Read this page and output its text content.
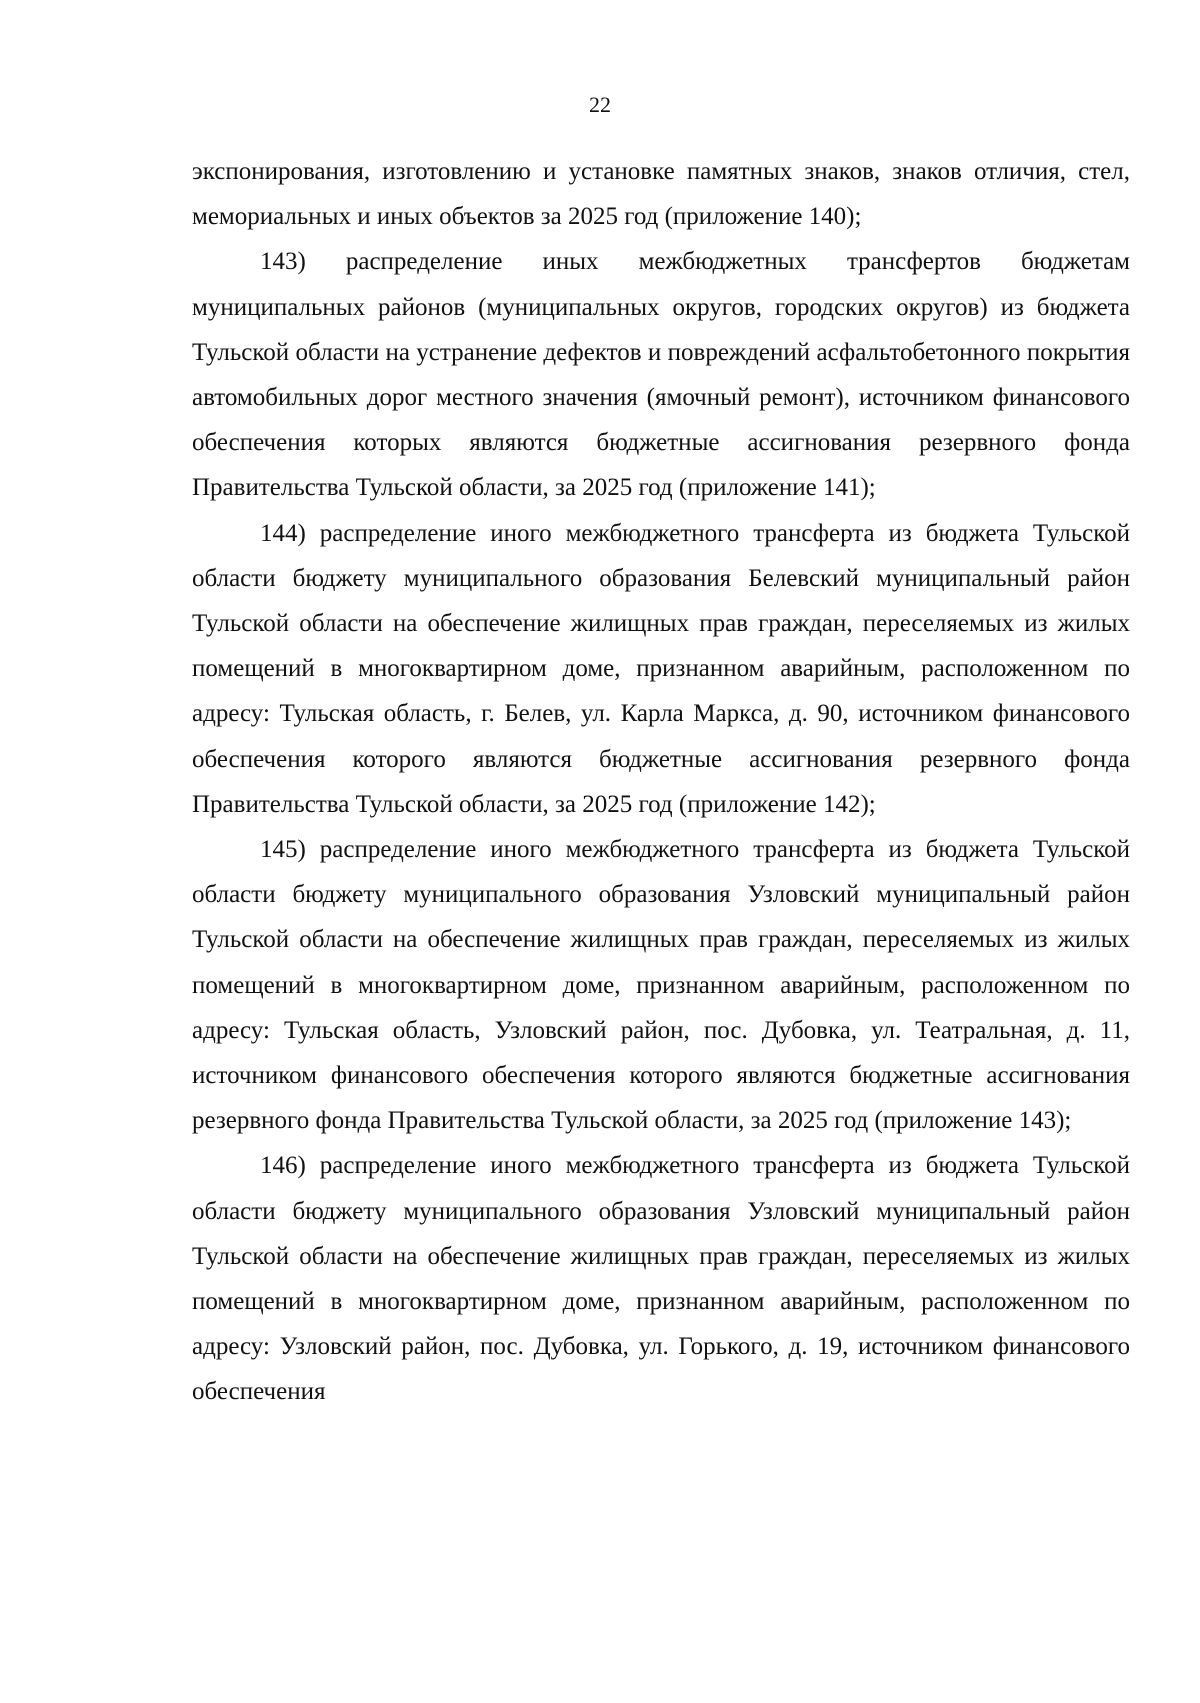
22

экспонирования, изготовлению и установке памятных знаков, знаков отличия, стел, мемориальных и иных объектов за 2025 год (приложение 140);

143) распределение иных межбюджетных трансфертов бюджетам муниципальных районов (муниципальных округов, городских округов) из бюджета Тульской области на устранение дефектов и повреждений асфальтобетонного покрытия автомобильных дорог местного значения (ямочный ремонт), источником финансового обеспечения которых являются бюджетные ассигнования резервного фонда Правительства Тульской области, за 2025 год (приложение 141);

144) распределение иного межбюджетного трансферта из бюджета Тульской области бюджету муниципального образования Белевский муниципальный район Тульской области на обеспечение жилищных прав граждан, переселяемых из жилых помещений в многоквартирном доме, признанном аварийным, расположенном по адресу: Тульская область, г. Белев, ул. Карла Маркса, д. 90, источником финансового обеспечения которого являются бюджетные ассигнования резервного фонда Правительства Тульской области, за 2025 год (приложение 142);

145) распределение иного межбюджетного трансферта из бюджета Тульской области бюджету муниципального образования Узловский муниципальный район Тульской области на обеспечение жилищных прав граждан, переселяемых из жилых помещений в многоквартирном доме, признанном аварийным, расположенном по адресу: Тульская область, Узловский район, пос. Дубовка, ул. Театральная, д. 11, источником финансового обеспечения которого являются бюджетные ассигнования резервного фонда Правительства Тульской области, за 2025 год (приложение 143);

146) распределение иного межбюджетного трансферта из бюджета Тульской области бюджету муниципального образования Узловский муниципальный район Тульской области на обеспечение жилищных прав граждан, переселяемых из жилых помещений в многоквартирном доме, признанном аварийным, расположенном по адресу: Узловский район, пос. Дубовка, ул. Горького, д. 19, источником финансового обеспечения
